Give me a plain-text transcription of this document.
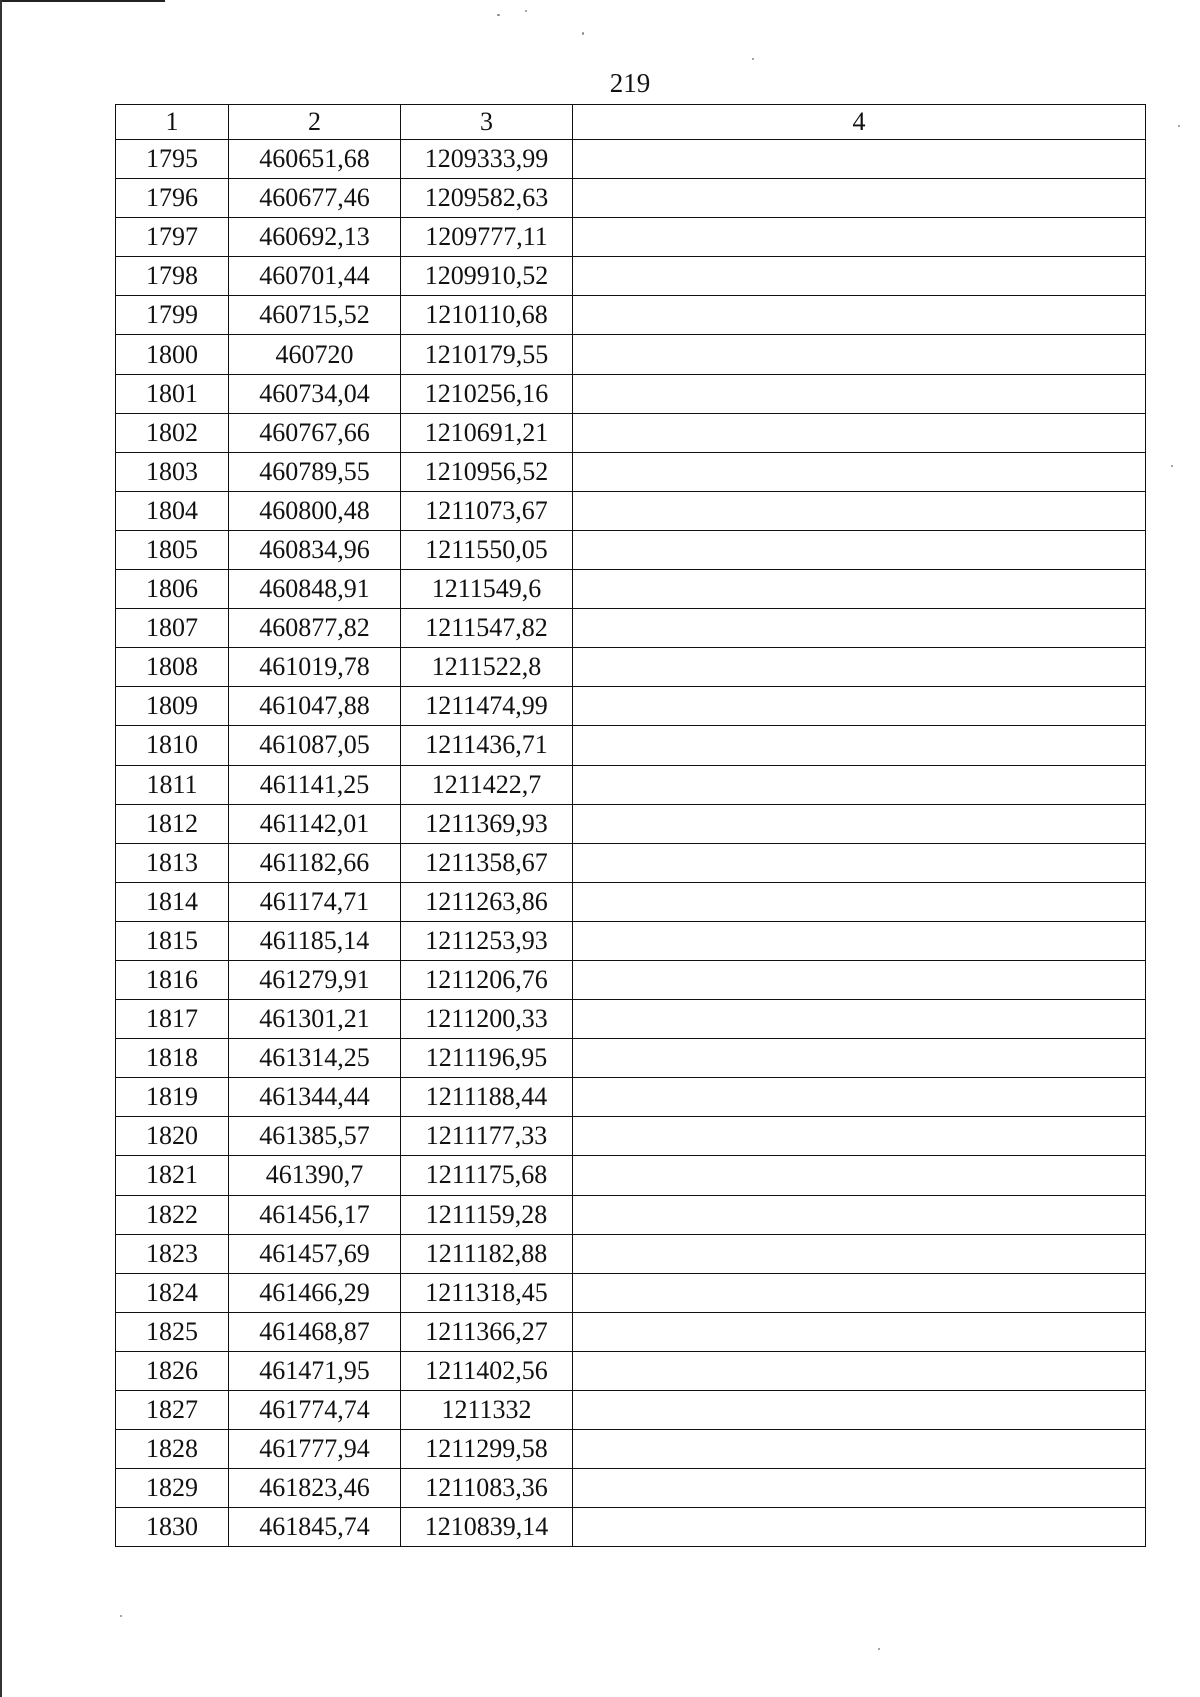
219
1	2	3	4
1795	460651,68	1209333,99	
1796	460677,46	1209582,63	
1797	460692,13	1209777,11	
1798	460701,44	1209910,52	
1799	460715,52	1210110,68	
1800	460720	1210179,55	
1801	460734,04	1210256,16	
1802	460767,66	1210691,21	
1803	460789,55	1210956,52	
1804	460800,48	1211073,67	
1805	460834,96	1211550,05	
1806	460848,91	1211549,6	
1807	460877,82	1211547,82	
1808	461019,78	1211522,8	
1809	461047,88	1211474,99	
1810	461087,05	1211436,71	
1811	461141,25	1211422,7	
1812	461142,01	1211369,93	
1813	461182,66	1211358,67	
1814	461174,71	1211263,86	
1815	461185,14	1211253,93	
1816	461279,91	1211206,76	
1817	461301,21	1211200,33	
1818	461314,25	1211196,95	
1819	461344,44	1211188,44	
1820	461385,57	1211177,33	
1821	461390,7	1211175,68	
1822	461456,17	1211159,28	
1823	461457,69	1211182,88	
1824	461466,29	1211318,45	
1825	461468,87	1211366,27	
1826	461471,95	1211402,56	
1827	461774,74	1211332	
1828	461777,94	1211299,58	
1829	461823,46	1211083,36	
1830	461845,74	1210839,14	
